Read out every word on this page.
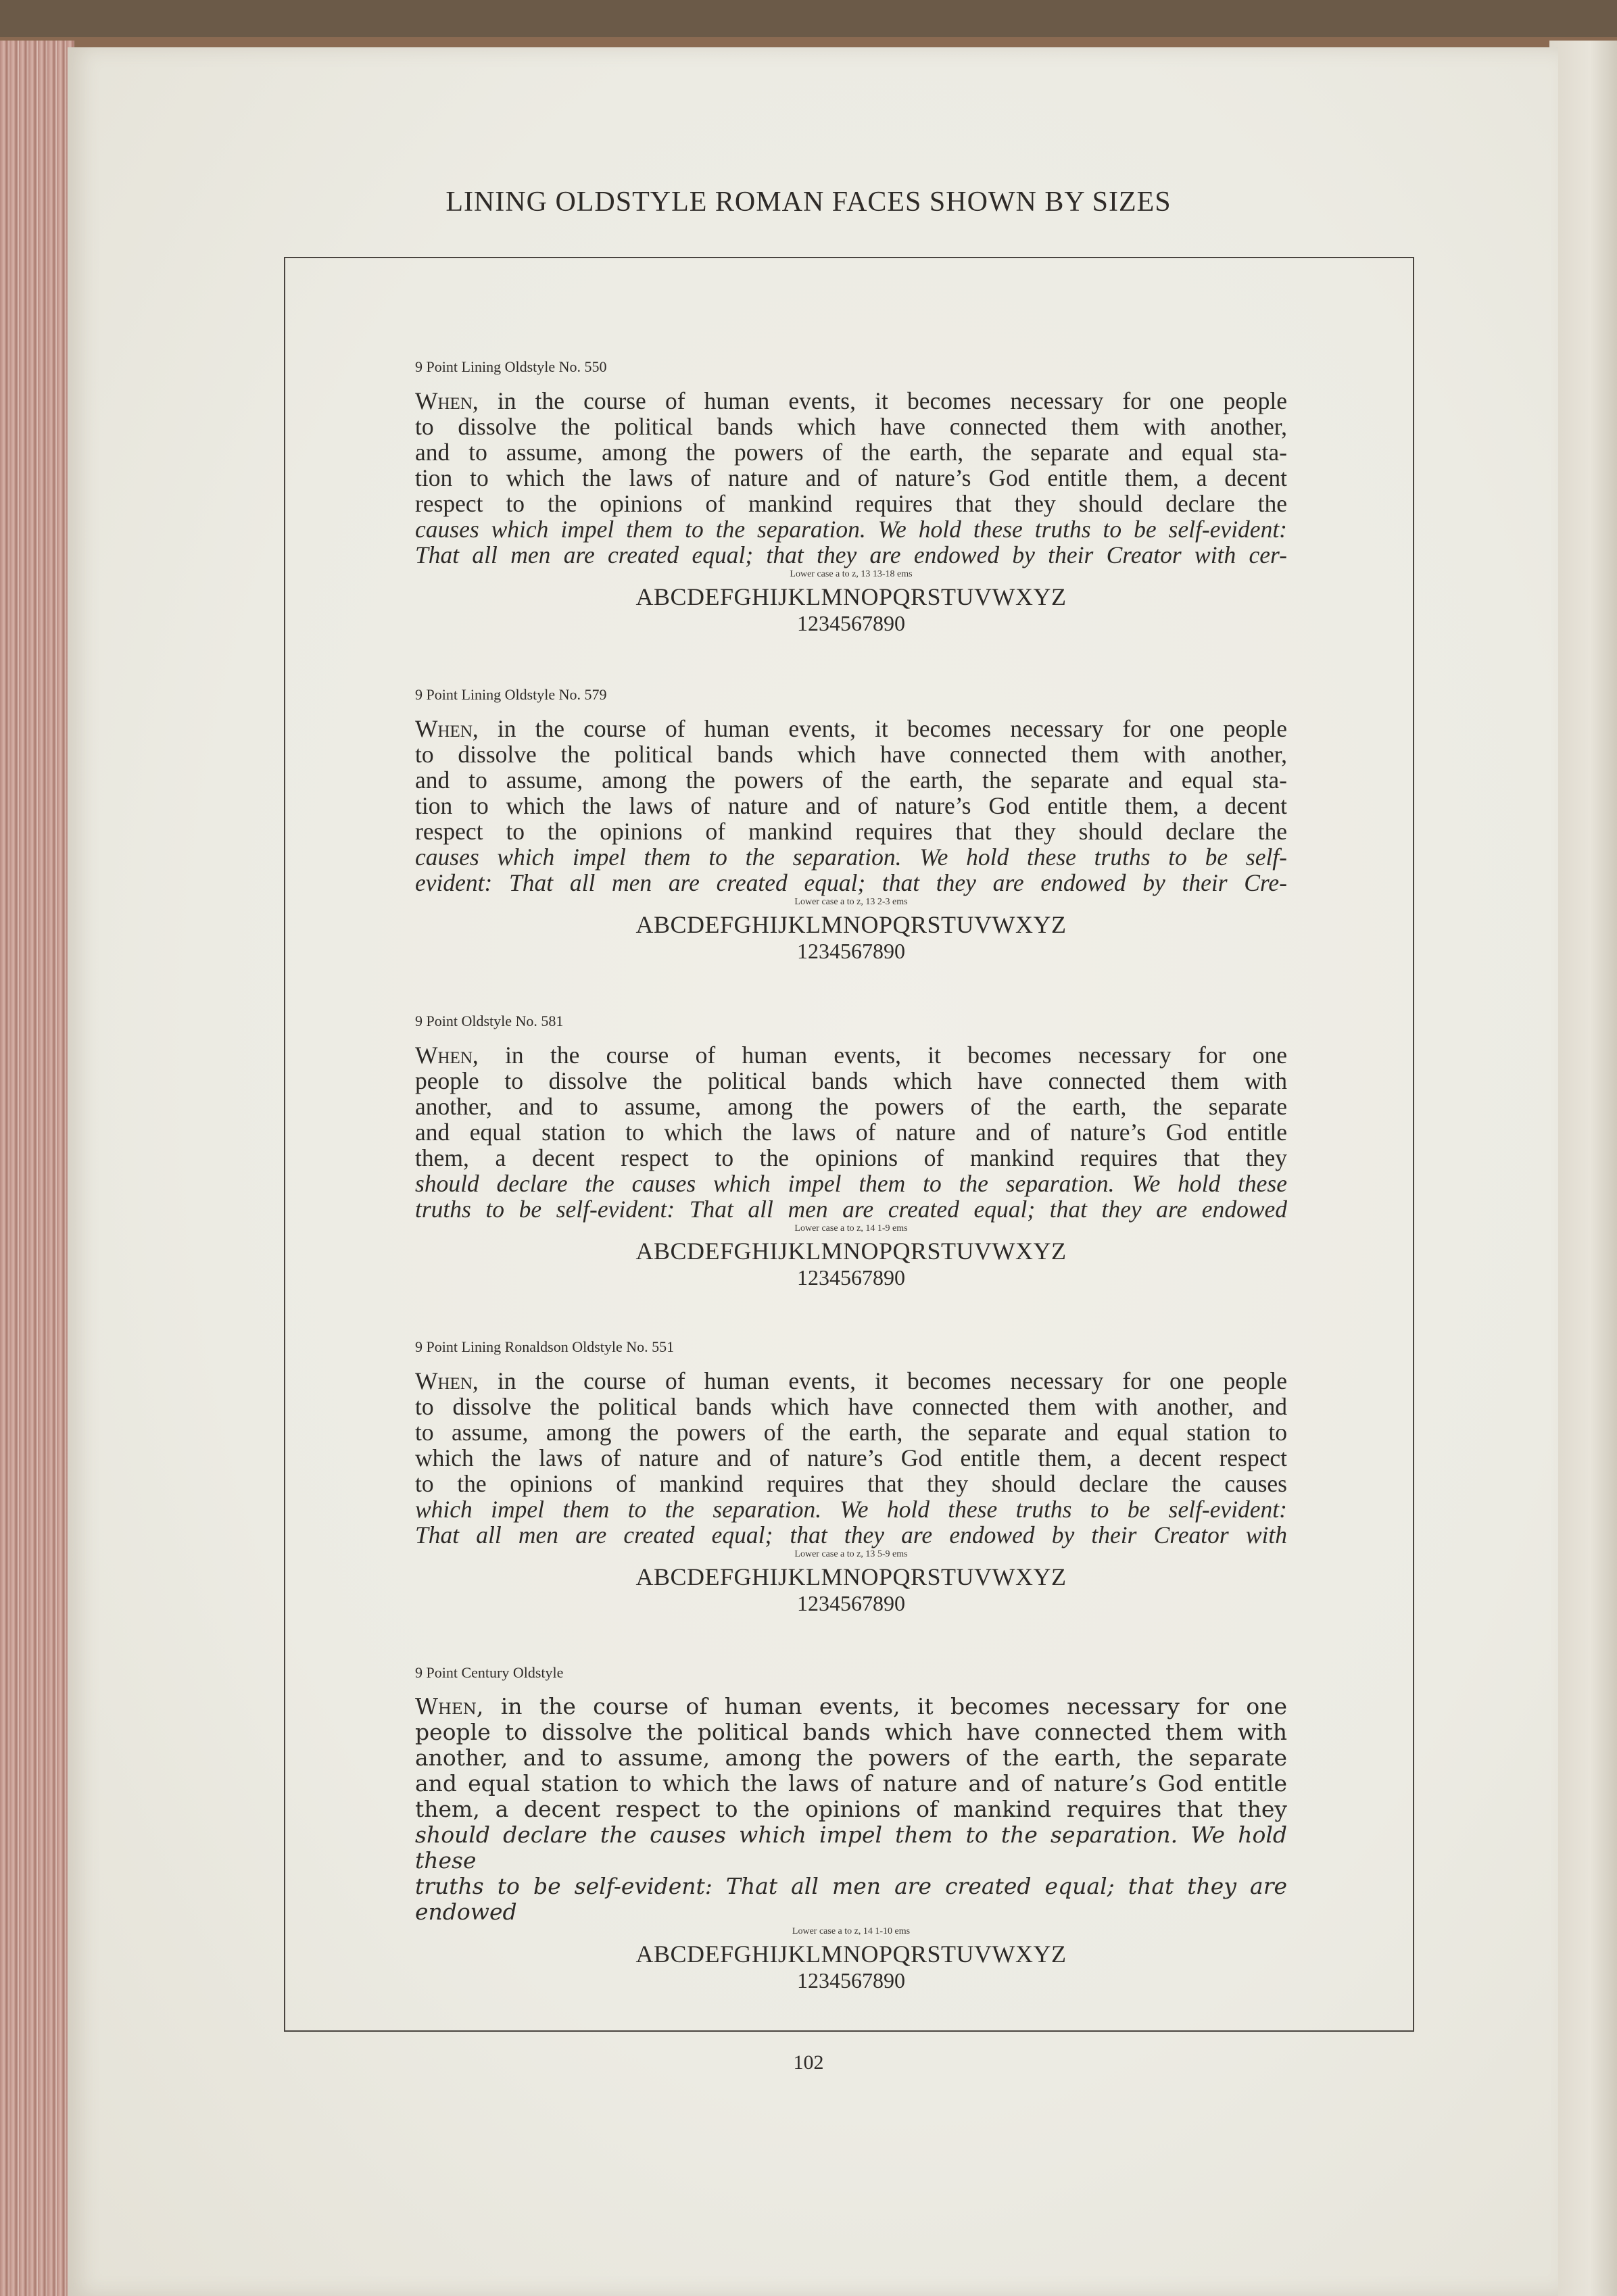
LINING OLDSTYLE ROMAN FACES SHOWN BY SIZES

9 Point Lining Oldstyle No. 550

When, in the course of human events, it becomes necessary for one people
to dissolve the political bands which have connected them with another,
and to assume, among the powers of the earth, the separate and equal sta-
tion to which the laws of nature and of nature’s God entitle them, a decent
respect to the opinions of mankind requires that they should declare the
causes which impel them to the separation. We hold these truths to be self-evident:
That all men are created equal; that they are endowed by their Creator with cer-

Lower case a to z, 13 13-18 ems

ABCDEFGHIJKLMNOPQRSTUVWXYZ

1234567890

9 Point Lining Oldstyle No. 579

When, in the course of human events, it becomes necessary for one people
to dissolve the political bands which have connected them with another,
and to assume, among the powers of the earth, the separate and equal sta-
tion to which the laws of nature and of nature’s God entitle them, a decent
respect to the opinions of mankind requires that they should declare the
causes which impel them to the separation. We hold these truths to be self-
evident: That all men are created equal; that they are endowed by their Cre-

Lower case a to z, 13 2-3 ems

ABCDEFGHIJKLMNOPQRSTUVWXYZ

1234567890

9 Point Oldstyle No. 581

When, in the course of human events, it becomes necessary for one
people to dissolve the political bands which have connected them with
another, and to assume, among the powers of the earth, the separate
and equal station to which the laws of nature and of nature’s God entitle
them, a decent respect to the opinions of mankind requires that they
should declare the causes which impel them to the separation. We hold these
truths to be self-evident: That all men are created equal; that they are endowed

Lower case a to z, 14 1-9 ems

ABCDEFGHIJKLMNOPQRSTUVWXYZ

1234567890

9 Point Lining Ronaldson Oldstyle No. 551

When, in the course of human events, it becomes necessary for one people
to dissolve the political bands which have connected them with another, and
to assume, among the powers of the earth, the separate and equal station to
which the laws of nature and of nature’s God entitle them, a decent respect
to the opinions of mankind requires that they should declare the causes
which impel them to the separation. We hold these truths to be self-evident:
That all men are created equal; that they are endowed by their Creator with

Lower case a to z, 13 5-9 ems

ABCDEFGHIJKLMNOPQRSTUVWXYZ

1234567890

9 Point Century Oldstyle

When, in the course of human events, it becomes necessary for one
people to dissolve the political bands which have connected them with
another, and to assume, among the powers of the earth, the separate
and equal station to which the laws of nature and of nature’s God entitle
them, a decent respect to the opinions of mankind requires that they
should declare the causes which impel them to the separation. We hold these
truths to be self-evident: That all men are created equal; that they are endowed

Lower case a to z, 14 1-10 ems

ABCDEFGHIJKLMNOPQRSTUVWXYZ

1234567890

102
